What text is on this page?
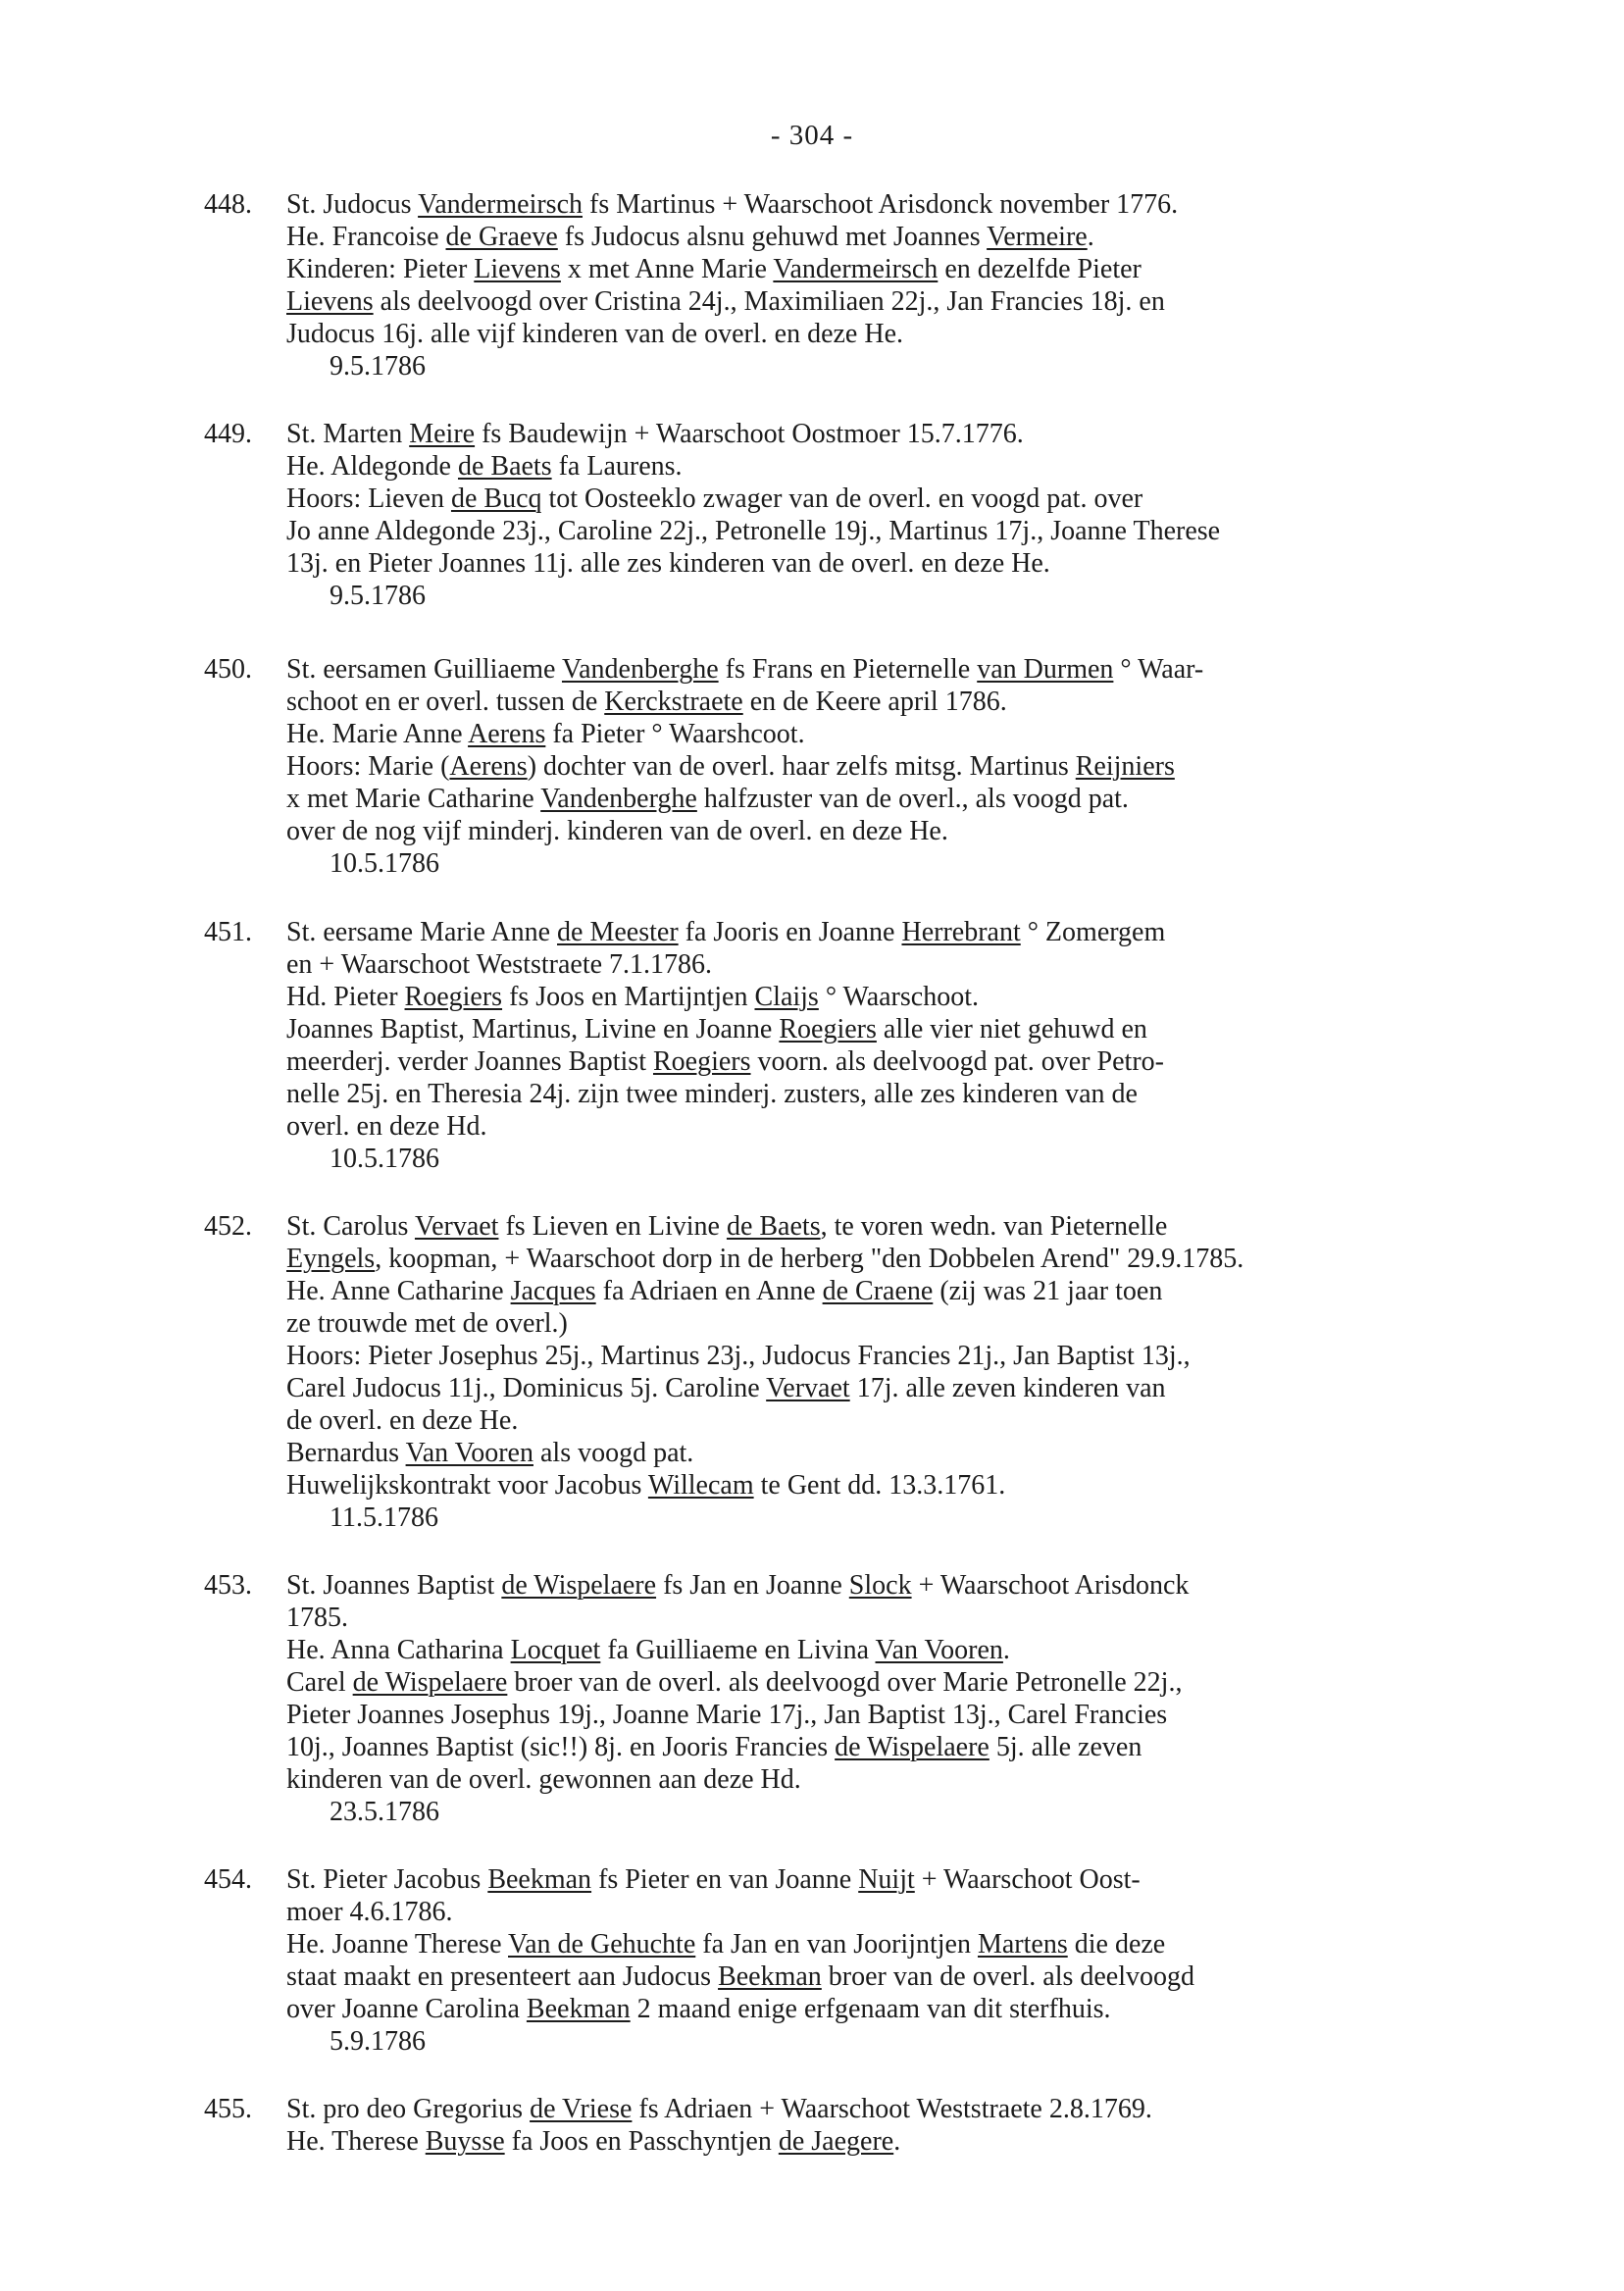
- 304 -
448.	St. Judocus Vandermeirsch fs Martinus + Waarschoot Arisdonck november 1776.
He. Francoise de Graeve fs Judocus alsnu gehuwd met Joannes Vermeire.
Kinderen: Pieter Lievens x met Anne Marie Vandermeirsch en dezelfde Pieter
Lievens als deelvoogd over Cristina 24j., Maximiliaen 22j., Jan Francies 18j. en
Judocus 16j. alle vijf kinderen van de overl. en deze He.
9.5.1786
449.	St. Marten Meire fs Baudewijn + Waarschoot Oostmoer 15.7.1776.
He. Aldegonde de Baets fa Laurens.
Hoors: Lieven de Bucq tot Oosteeklo zwager van de overl. en voogd pat. over
Jo anne Aldegonde 23j., Caroline 22j., Petronelle 19j., Martinus 17j., Joanne Therese
13j. en Pieter Joannes 11j. alle zes kinderen van de overl. en deze He.
9.5.1786
450.	St. eersamen Guilliaeme Vandenberghe fs Frans en Pieternelle van Durmen ° Waar-
schoot en er overl. tussen de Kerckstraete en de Keere april 1786.
He. Marie Anne Aerens fa Pieter ° Waarshcoot.
Hoors: Marie (Aerens) dochter van de overl. haar zelfs mitsg. Martinus Reijniers
x met Marie Catharine Vandenberghe halfzuster van de overl., als voogd pat.
over de nog vijf minderj. kinderen van de overl. en deze He.
10.5.1786
451.	St. eersame Marie Anne de Meester fa Jooris en Joanne Herrebrant ° Zomergem
en + Waarschoot Weststraete 7.1.1786.
Hd. Pieter Roegiers fs Joos en Martijntjen Claijs ° Waarschoot.
Joannes Baptist, Martinus, Livine en Joanne Roegiers alle vier niet gehuwd en
meerderj. verder Joannes Baptist Roegiers voorn. als deelvoogd pat. over Petro-
nelle 25j. en Theresia 24j. zijn twee minderj. zusters, alle zes kinderen van de
overl. en deze Hd.
10.5.1786
452.	St. Carolus Vervaet fs Lieven en Livine de Baets, te voren wedn. van Pieternelle
Eyngels, koopman, + Waarschoot dorp in de herberg "den Dobbelen Arend" 29.9.1785.
He. Anne Catharine Jacques fa Adriaen en Anne de Craene (zij was 21 jaar toen
ze trouwde met de overl.)
Hoors: Pieter Josephus 25j., Martinus 23j., Judocus Francies 21j., Jan Baptist 13j.,
Carel Judocus 11j., Dominicus 5j. Caroline Vervaet 17j. alle zeven kinderen van
de overl. en deze He.
Bernardus Van Vooren als voogd pat.
Huwelijkskontrakt voor Jacobus Willecam te Gent dd. 13.3.1761.
11.5.1786
453.	St. Joannes Baptist de Wispelaere fs Jan en Joanne Slock + Waarschoot Arisdonck
1785.
He. Anna Catharina Locquet fa Guilliaeme en Livina Van Vooren.
Carel de Wispelaere broer van de overl. als deelvoogd over Marie Petronelle 22j.,
Pieter Joannes Josephus 19j., Joanne Marie 17j., Jan Baptist 13j., Carel Francies
10j., Joannes Baptist (sic!!) 8j. en Jooris Francies de Wispelaere 5j. alle zeven
kinderen van de overl. gewonnen aan deze Hd.
23.5.1786
454.	St. Pieter Jacobus Beekman fs Pieter en van Joanne Nuijt + Waarschoot Oost-
moer 4.6.1786.
He. Joanne Therese Van de Gehuchte fa Jan en van Joorijntjen Martens die deze
staat maakt en presenteert aan Judocus Beekman broer van de overl. als deelvoogd
over Joanne Carolina Beekman 2 maand enige erfgenaam van dit sterfhuis.
5.9.1786
455.	St. pro deo Gregorius de Vriese fs Adriaen + Waarschoot Weststraete 2.8.1769.
He. Therese Buysse fa Joos en Passchyntjen de Jaegere.
